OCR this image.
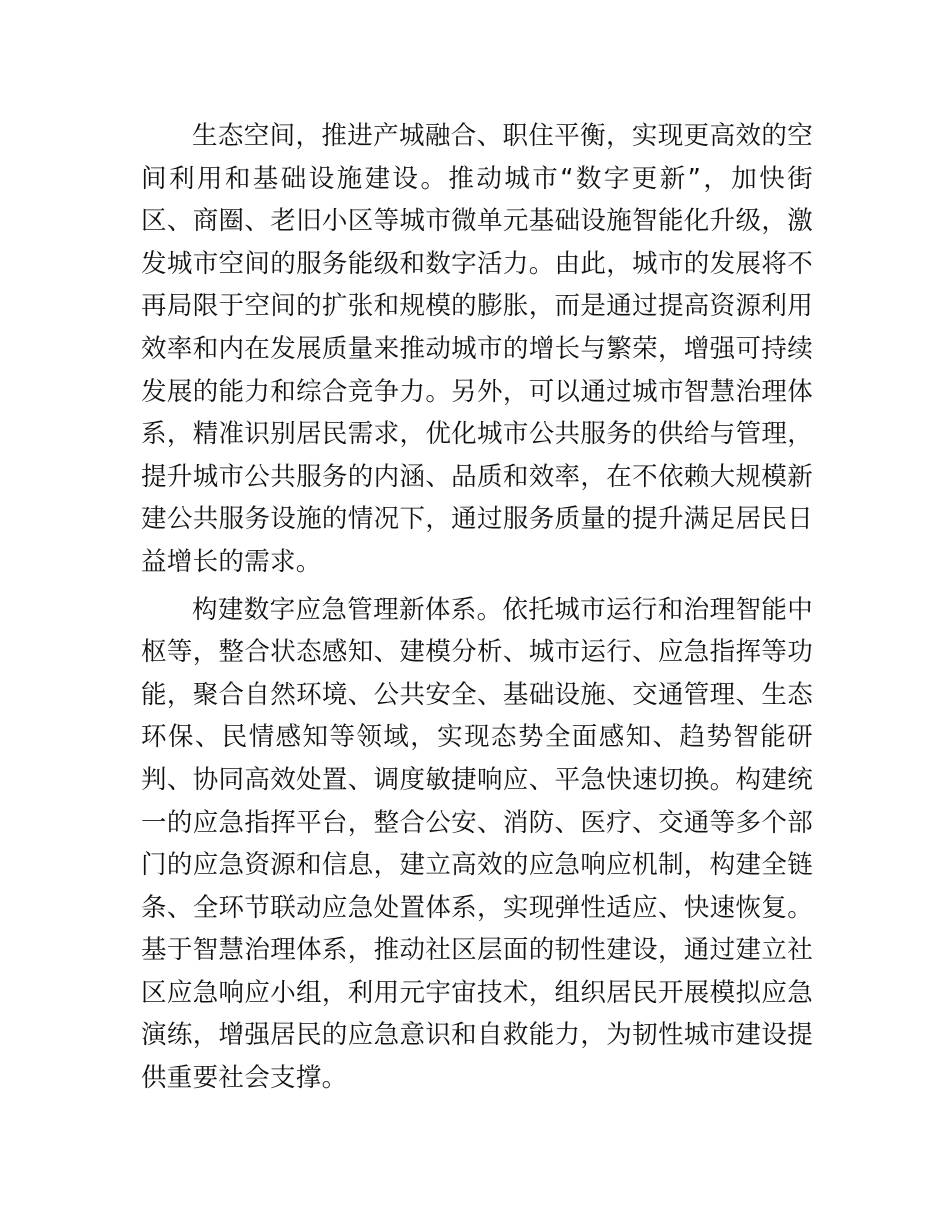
生态空间，推进产城融合、职住平衡，实现更高效的空间利用和基础设施建设。推动城市“数字更新”，加快街区、商圈、老旧小区等城市微单元基础设施智能化升级，激发城市空间的服务能级和数字活力。由此，城市的发展将不再局限于空间的扩张和规模的膨胀，而是通过提高资源利用效率和内在发展质量来推动城市的增长与繁荣，增强可持续发展的能力和综合竞争力。另外，可以通过城市智慧治理体系，精准识别居民需求，优化城市公共服务的供给与管理，提升城市公共服务的内涵、品质和效率，在不依赖大规模新建公共服务设施的情况下，通过服务质量的提升满足居民日益增长的需求。

构建数字应急管理新体系。依托城市运行和治理智能中枢等，整合状态感知、建模分析、城市运行、应急指挥等功能，聚合自然环境、公共安全、基础设施、交通管理、生态环保、民情感知等领域，实现态势全面感知、趋势智能研判、协同高效处置、调度敏捷响应、平急快速切换。构建统一的应急指挥平台，整合公安、消防、医疗、交通等多个部门的应急资源和信息，建立高效的应急响应机制，构建全链条、全环节联动应急处置体系，实现弹性适应、快速恢复。基于智慧治理体系，推动社区层面的韧性建设，通过建立社区应急响应小组，利用元宇宙技术，组织居民开展模拟应急演练，增强居民的应急意识和自救能力，为韧性城市建设提供重要社会支撑。
